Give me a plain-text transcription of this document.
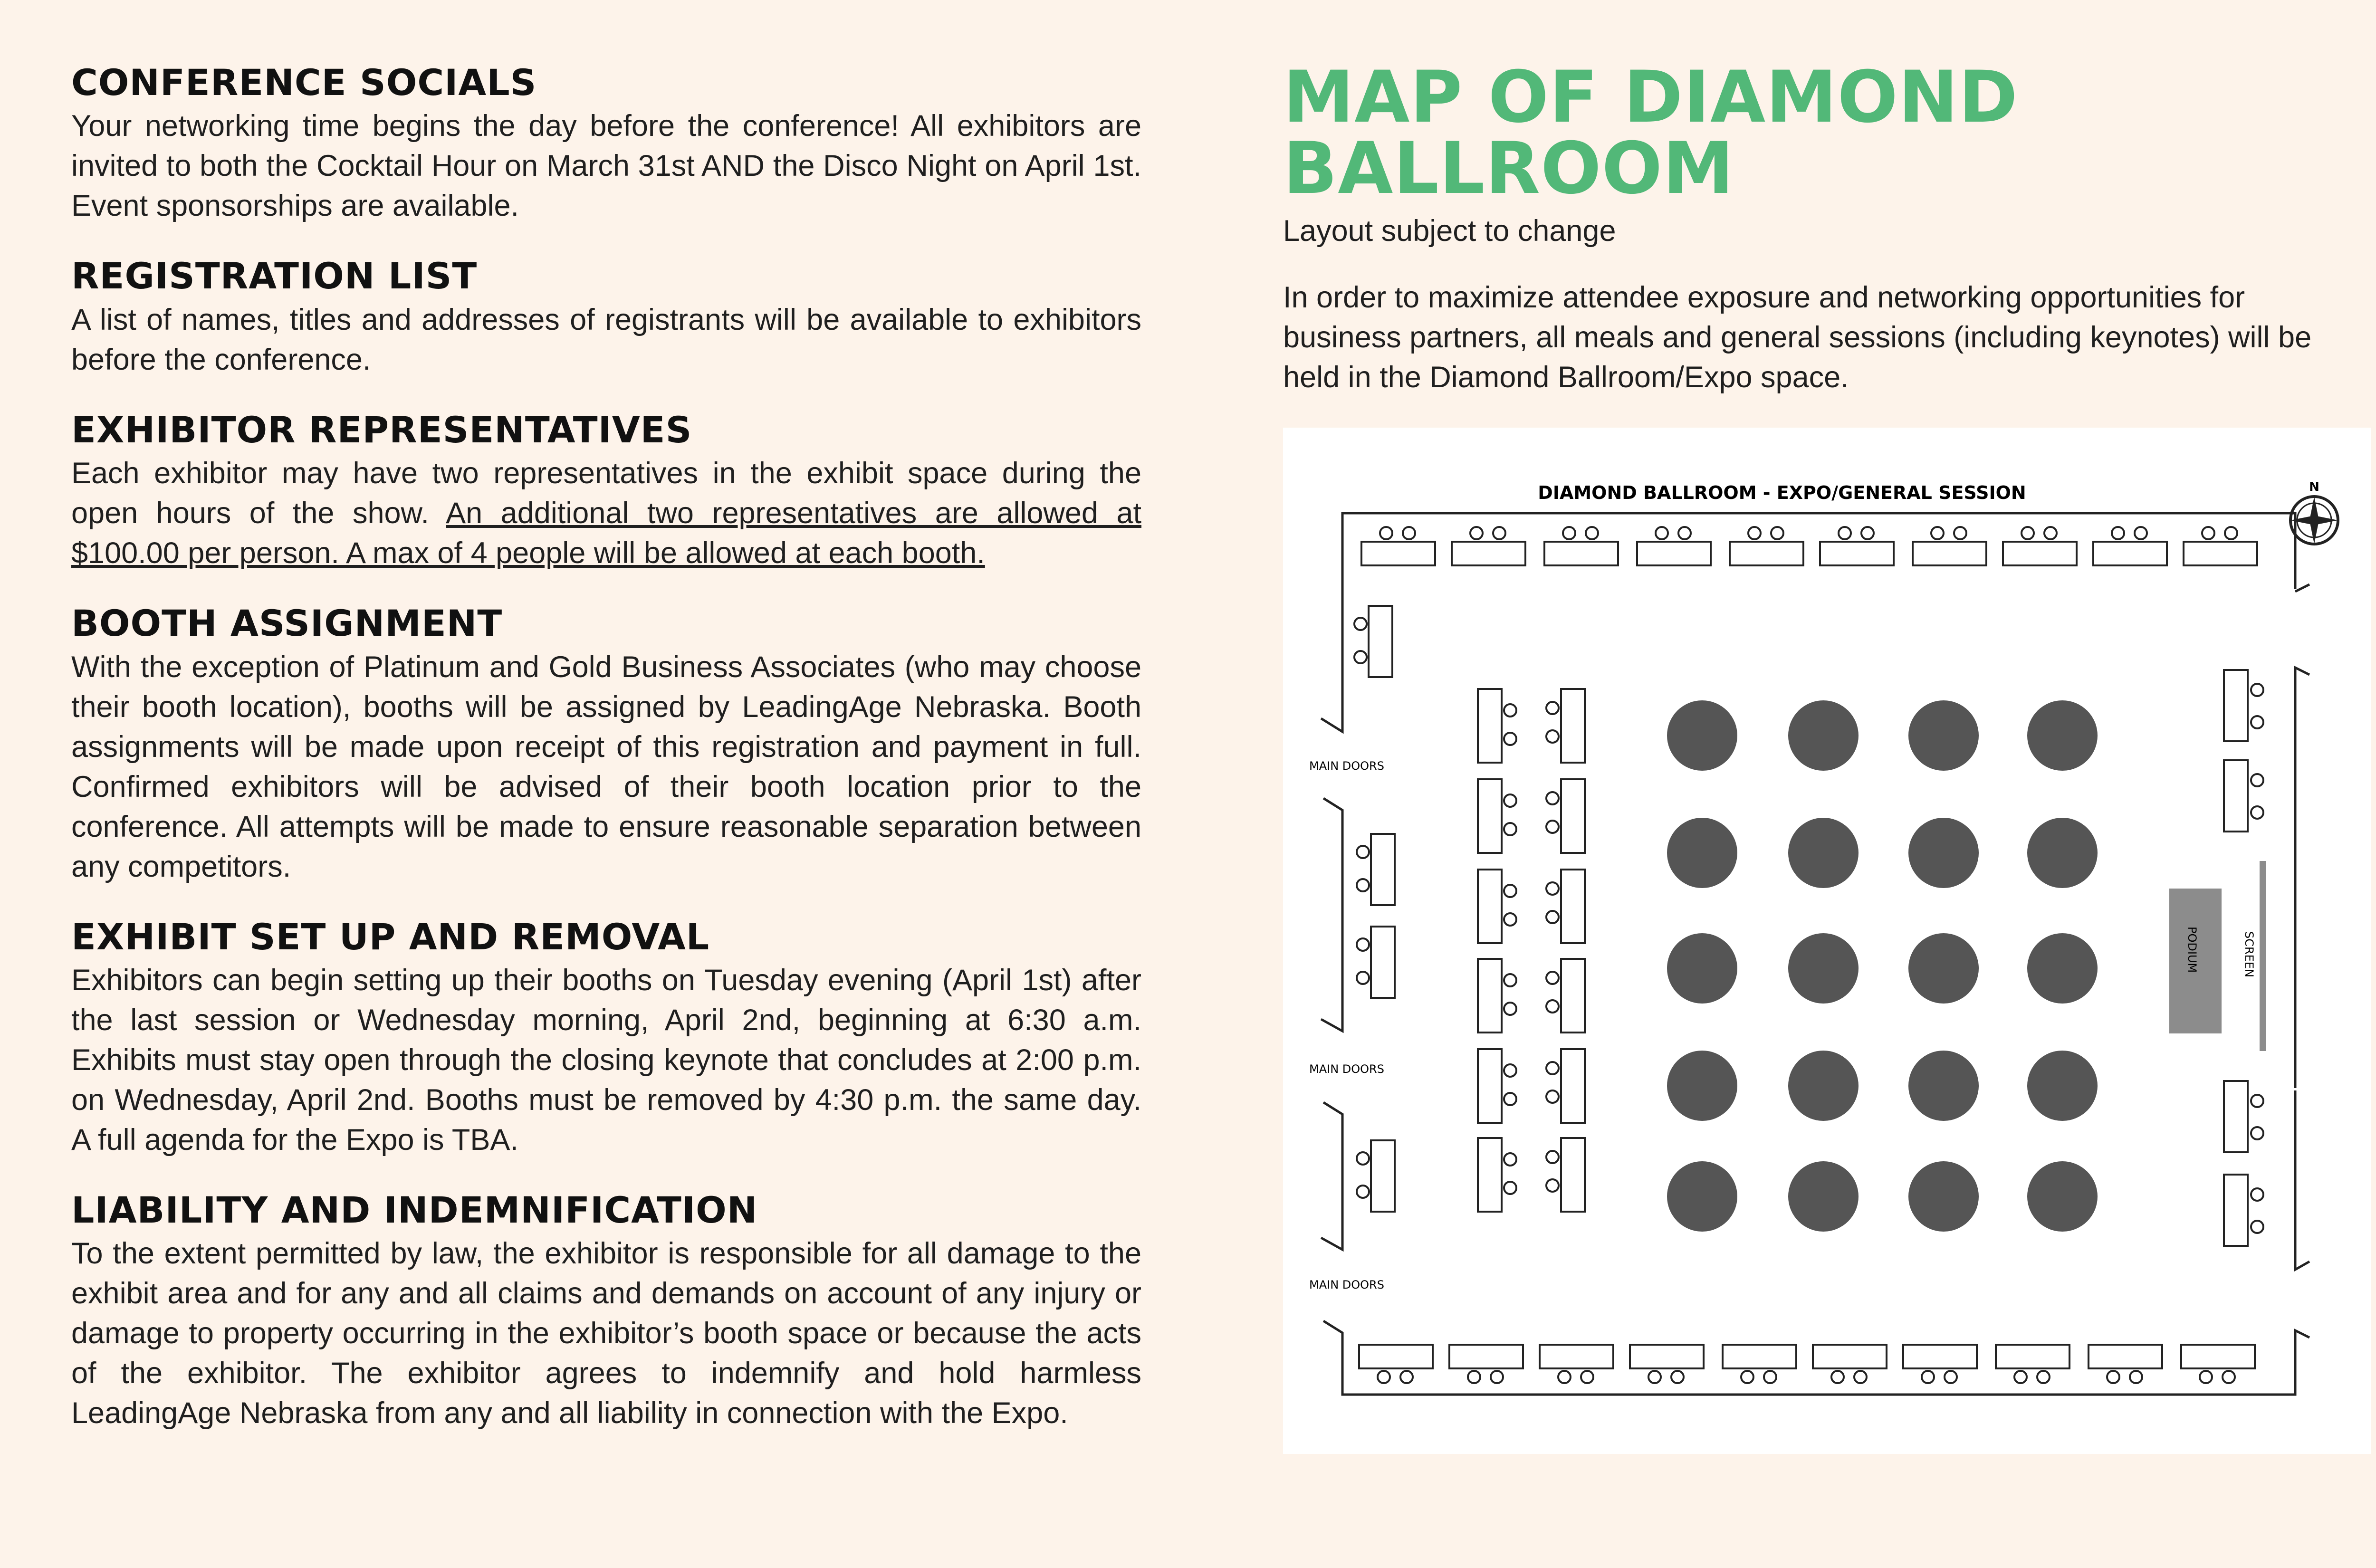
CONFERENCE SOCIALS

Your networking time begins the day before the conference! All exhibitors are invited to both the Cocktail Hour on March 31st AND the Disco Night on April 1st. Event sponsorships are available.

REGISTRATION LIST

A list of names, titles and addresses of registrants will be available to exhibitors before the conference.

EXHIBITOR REPRESENTATIVES

Each exhibitor may have two representatives in the exhibit space during the open hours of the show. An additional two representatives are allowed at $100.00 per person. A max of 4 people will be allowed at each booth.

BOOTH ASSIGNMENT

With the exception of Platinum and Gold Business Associates (who may choose their booth location), booths will be assigned by LeadingAge Nebraska. Booth assignments will be made upon receipt of this registration and payment in full. Confirmed exhibitors will be advised of their booth location prior to the conference. All attempts will be made to ensure reasonable separation between any competitors.

EXHIBIT SET UP AND REMOVAL

Exhibitors can begin setting up their booths on Tuesday evening (April 1st) after the last session or Wednesday morning, April 2nd, beginning at 6:30 a.m. Exhibits must stay open through the closing keynote that concludes at 2:00 p.m. on Wednesday, April 2nd. Booths must be removed by 4:30 p.m. the same day. A full agenda for the Expo is TBA.

LIABILITY AND INDEMNIFICATION

To the extent permitted by law, the exhibitor is responsible for all damage to the exhibit area and for any and all claims and demands on account of any injury or damage to property occurring in the exhibitor’s booth space or because the acts of the exhibitor. The exhibitor agrees to indemnify and hold harmless LeadingAge Nebraska from any and all liability in connection with the Expo.

MAP OF DIAMOND BALLROOM
Layout subject to change

In order to maximize attendee exposure and networking opportunities for business partners, all meals and general sessions (including keynotes) will be held in the Diamond Ballroom/Expo space.

DIAMOND BALLROOM - EXPO/GENERAL SESSION	N
MAIN DOORS
MAIN DOORS
MAIN DOORS
PODIUM	SCREEN
